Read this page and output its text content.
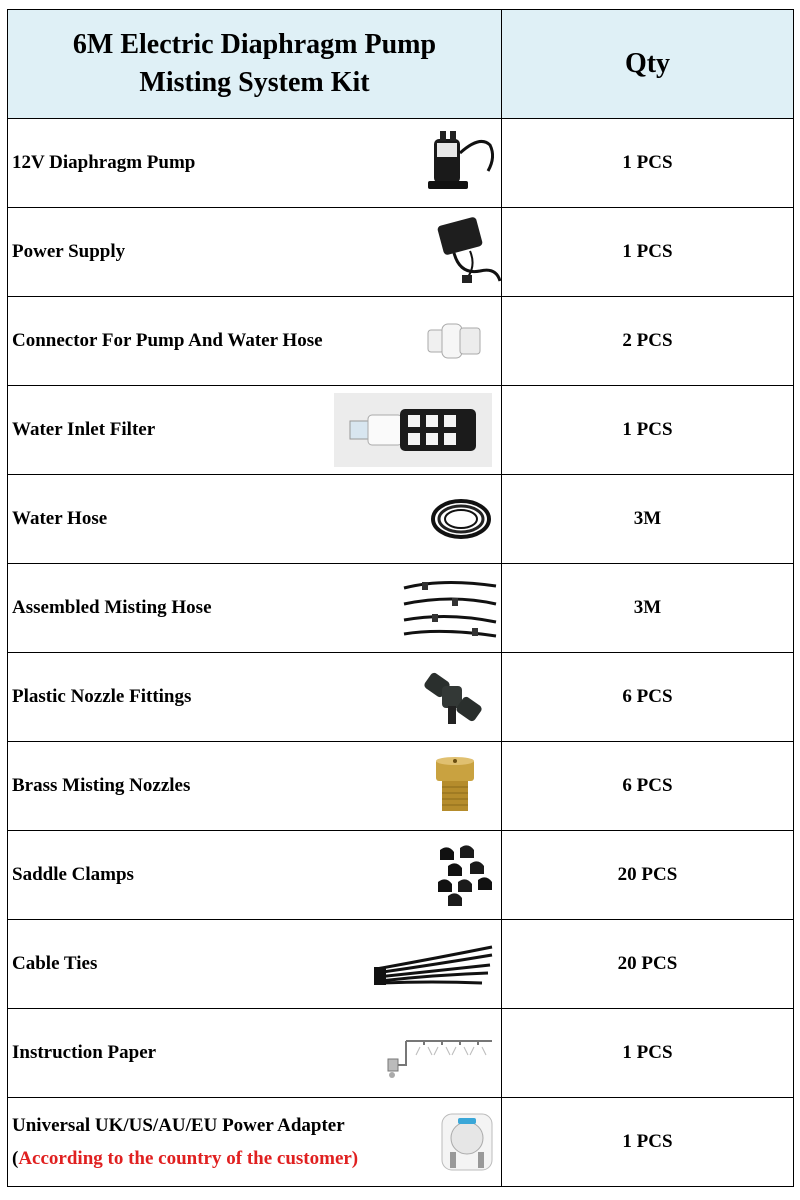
6M Electric Diaphragm Pump
Misting System Kit	Qty

12V Diaphragm Pump	1 PCS

Power Supply	1 PCS

Connector For Pump And Water Hose	2 PCS

Water Inlet Filter	1 PCS

Water Hose	3M

Assembled Misting Hose	3M

Plastic Nozzle Fittings	6 PCS

Brass Misting Nozzles	6 PCS

Saddle Clamps	20 PCS

Cable Ties	20 PCS

Instruction Paper	1 PCS

Universal UK/US/AU/EU Power Adapter
(According to the country of the customer)	1 PCS
